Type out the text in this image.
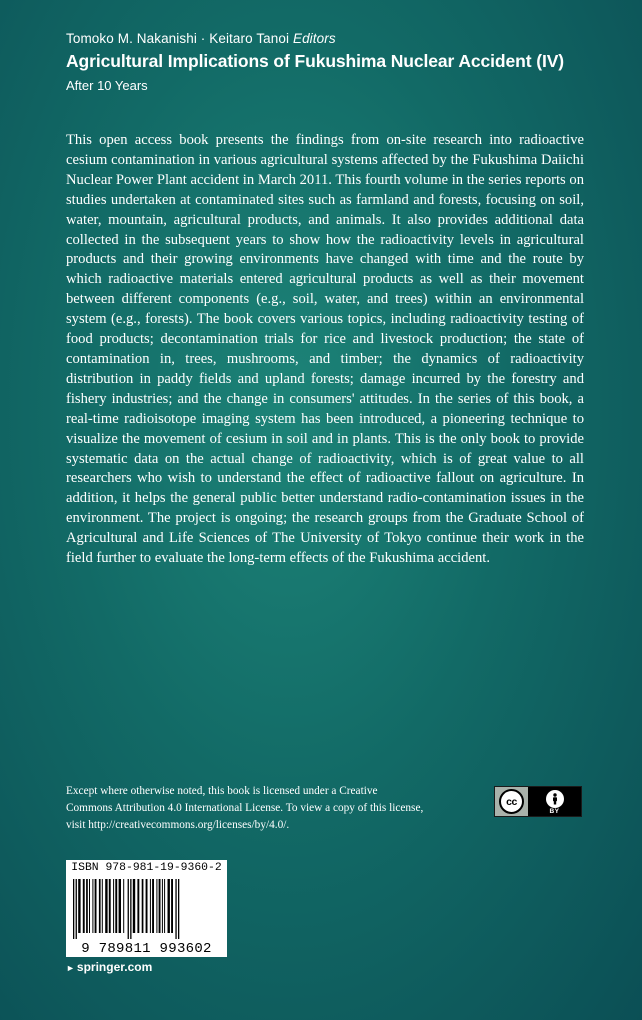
Tomoko M. Nakanishi · Keitaro Tanoi Editors
Agricultural Implications of Fukushima Nuclear Accident (IV)
After 10 Years

This open access book presents the findings from on-site research into radioactive cesium contamination in various agricultural systems affected by the Fukushima Daiichi Nuclear Power Plant accident in March 2011. This fourth volume in the series reports on studies undertaken at contaminated sites such as farmland and forests, focusing on soil, water, mountain, agricultural products, and animals. It also provides additional data collected in the subsequent years to show how the radioactivity levels in agricultural products and their growing environments have changed with time and the route by which radioactive materials entered agricultural products as well as their movement between different components (e.g., soil, water, and trees) within an environmental system (e.g., forests). The book covers various topics, including radioactivity testing of food products; decontamination trials for rice and livestock production; the state of contamination in, trees, mushrooms, and timber; the dynamics of radioactivity distribution in paddy fields and upland forests; damage incurred by the forestry and fishery industries; and the change in consumers' attitudes. In the series of this book, a real-time radioisotope imaging system has been introduced, a pioneering technique to visualize the movement of cesium in soil and in plants. This is the only book to provide systematic data on the actual change of radioactivity, which is of great value to all researchers who wish to understand the effect of radioactive fallout on agriculture. In addition, it helps the general public better understand radio-contamination issues in the environment. The project is ongoing; the research groups from the Graduate School of Agricultural and Life Sciences of The University of Tokyo continue their work in the field further to evaluate the long-term effects of the Fukushima accident.

Except where otherwise noted, this book is licensed under a Creative Commons Attribution 4.0 International License. To view a copy of this license, visit http://creativecommons.org/licenses/by/4.0/.

cc
BY
ISBN 978-981-19-9360-2
9 789811 993602
► springer.com
